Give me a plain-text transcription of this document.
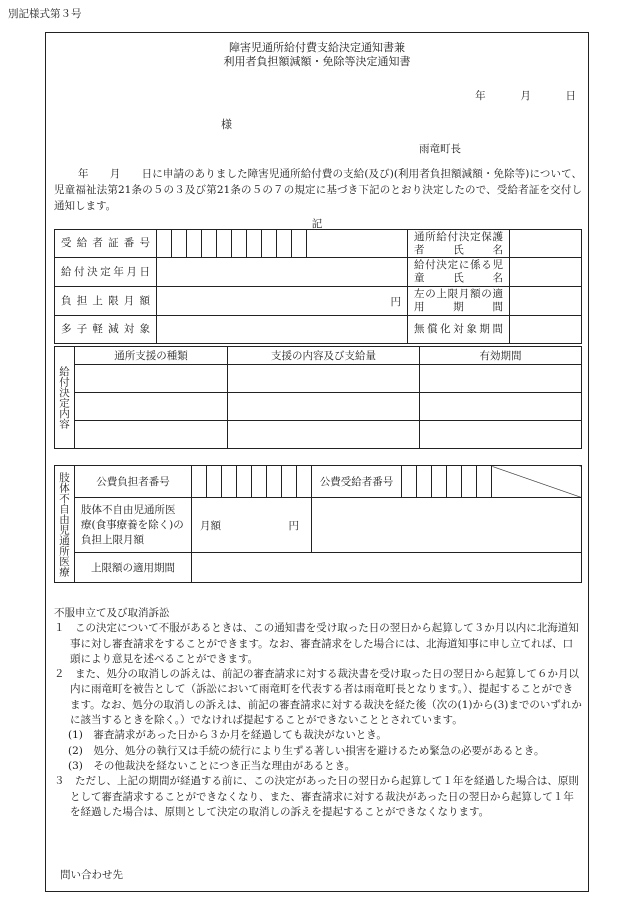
別記様式第３号
障害児通所給付費支給決定通知書兼
利用者負担額減額・免除等決定通知書
年	月	日
様
雨竜町長
年　　月　　日に申請のありました障害児通所給付費の支給(及び)(利用者負担額減額・免除等)について、児童福祉法第21条の５の３及び第21条の５の７の規定に基づき下記のとおり決定したので、受給者証を交付し通知します。
記
受給者証番号												通所給付決定保護者氏名	
給付決定年月日												給付決定に係る児童氏名	
負担上限月額	円											左の上限月額の適用期間	
多子軽減対象												無償化対象期間	
給付決定内容	通所支援の種類	支援の内容及び支給量	有効期間

肢体不自由児通所医療	公費負担者番号									公費受給者番号							
	肢体不自由児通所医療(食事療養を除く)の負担上限月額	月額 円															

	上限額の適用期間																

不服申立て及び取消訴訟

１　この決定について不服があるときは、この通知書を受け取った日の翌日から起算して３か月以内に北海道知事に対し審査請求をすることができます。なお、審査請求をした場合には、北海道知事に申し立てれば、口頭により意見を述べることができます。

２　また、処分の取消しの訴えは、前記の審査請求に対する裁決書を受け取った日の翌日から起算して６か月以内に雨竜町を被告として（訴訟において雨竜町を代表する者は雨竜町長となります。）、提起することができます。なお、処分の取消しの訴えは、前記の審査請求に対する裁決を経た後（次の(1)から(3)までのいずれかに該当するときを除く。）でなければ提起することができないこととされています。

(1)　審査請求があった日から３か月を経過しても裁決がないとき。

(2)　処分、処分の執行又は手続の続行により生ずる著しい損害を避けるため緊急の必要があるとき。

(3)　その他裁決を経ないことにつき正当な理由があるとき。

３　ただし、上記の期間が経過する前に、この決定があった日の翌日から起算して１年を経過した場合は、原則として審査請求することができなくなり、また、審査請求に対する裁決があった日の翌日から起算して１年を経過した場合は、原則として決定の取消しの訴えを提起することができなくなります。

問い合わせ先
